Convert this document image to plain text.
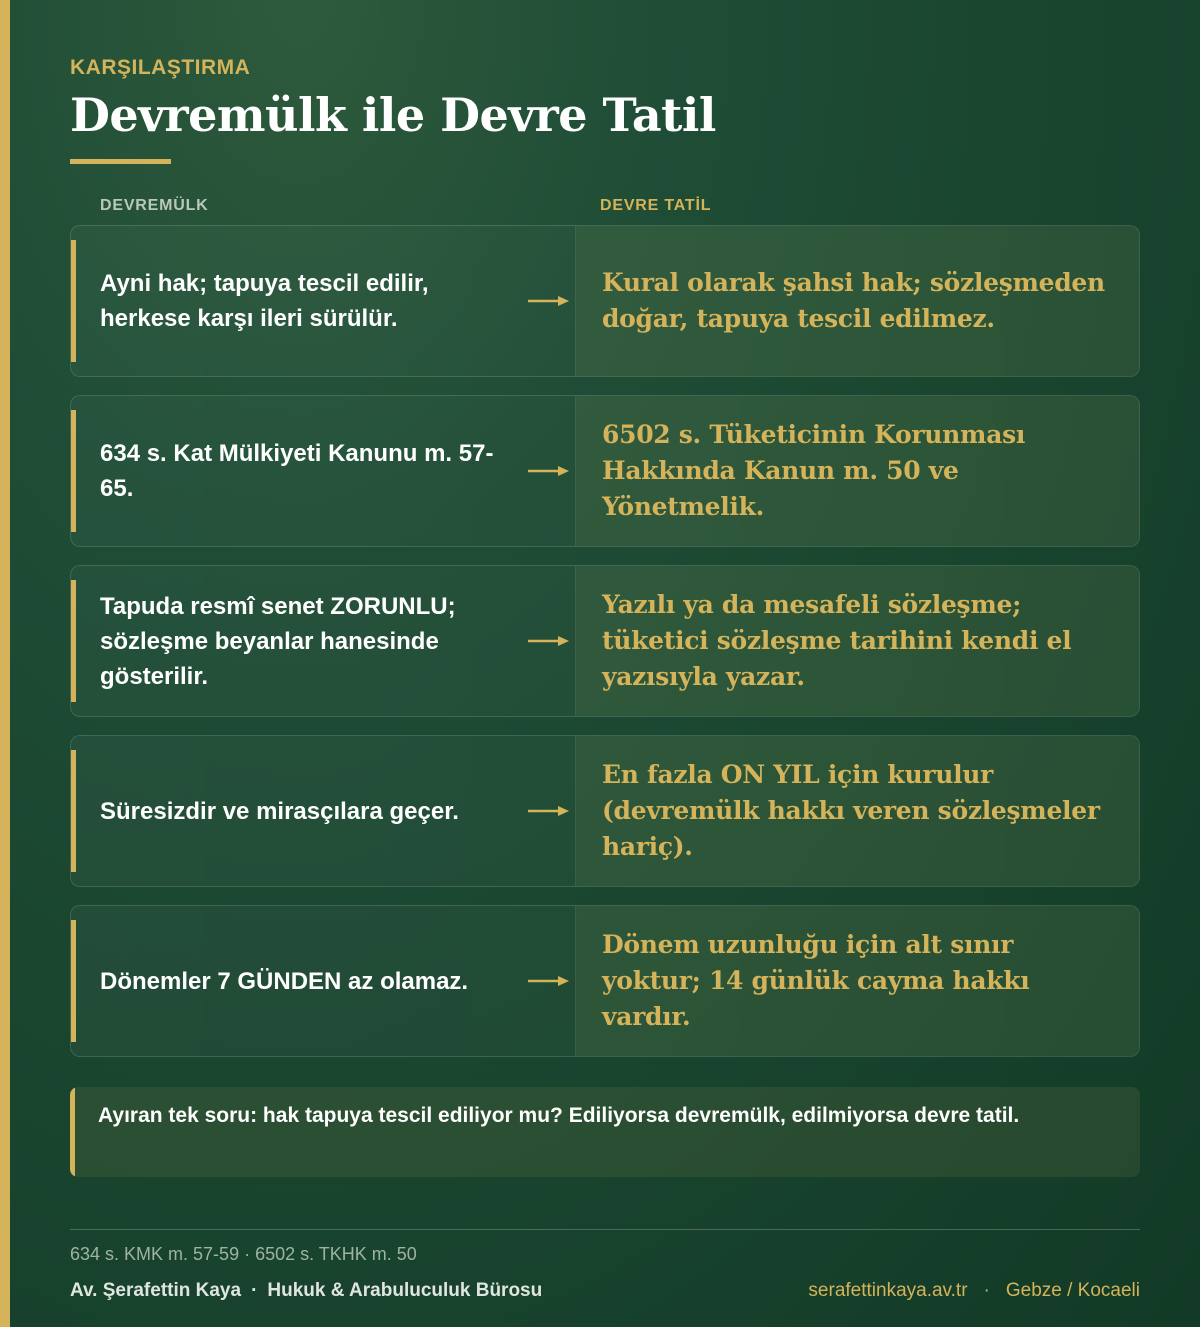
KARŞILAŞTIRMA
Devremülk ile Devre Tatil
DEVREMÜLK	DEVRE TATİL
Ayni hak; tapuya tescil edilir, herkese karşı ileri sürülür.
Kural olarak şahsi hak; sözleşmeden doğar, tapuya tescil edilmez.
634 s. Kat Mülkiyeti Kanunu m. 57-65.
6502 s. Tüketicinin Korunması Hakkında Kanun m. 50 ve Yönetmelik.
Tapuda resmî senet ZORUNLU; sözleşme beyanlar hanesinde gösterilir.
Yazılı ya da mesafeli sözleşme; tüketici sözleşme tarihini kendi el yazısıyla yazar.
Süresizdir ve mirasçılara geçer.
En fazla ON YIL için kurulur (devremülk hakkı veren sözleşmeler hariç).
Dönemler 7 GÜNDEN az olamaz.
Dönem uzunluğu için alt sınır yoktur; 14 günlük cayma hakkı vardır.
Ayıran tek soru: hak tapuya tescil ediliyor mu? Ediliyorsa devremülk, edilmiyorsa devre tatil.
634 s. KMK m. 57-59 · 6502 s. TKHK m. 50
Av. Şerafettin Kaya · Hukuk & Arabuluculuk Bürosu	serafettinkaya.av.tr · Gebze / Kocaeli
